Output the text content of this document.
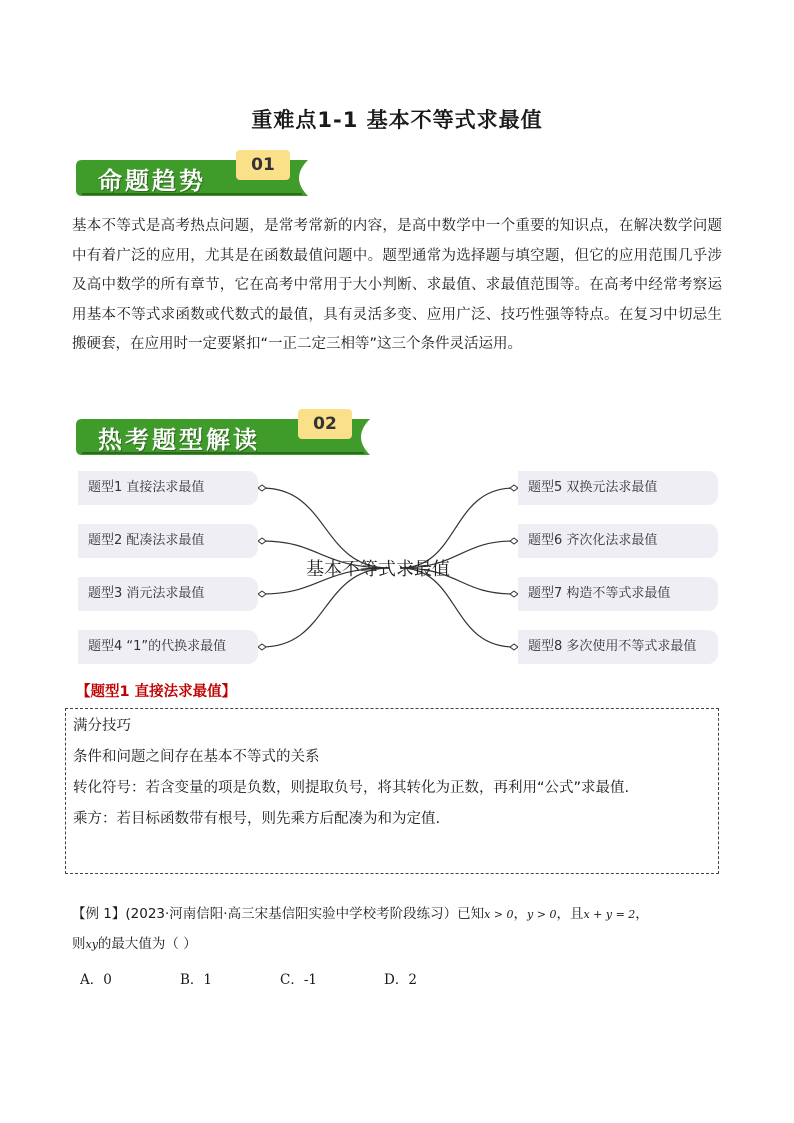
重难点1-1 基本不等式求最值
命题趋势
01
基本不等式是高考热点问题，是常考常新的内容，是高中数学中一个重要的知识点，在解决数学问题中有着广泛的应用，尤其是在函数最值问题中。题型通常为选择题与填空题，但它的应用范围几乎涉及高中数学的所有章节，它在高考中常用于大小判断、求最值、求最值范围等。在高考中经常考察运用基本不等式求函数或代数式的最值，具有灵活多变、应用广泛、技巧性强等特点。在复习中切忌生搬硬套，在应用时一定要紧扣“一正二定三相等”这三个条件灵活运用。
热考题型解读
02
题型1 直接法求最值
题型2 配凑法求最值
题型3 消元法求最值
题型4 “1”的代换求最值
题型5 双换元法求最值
题型6 齐次化法求最值
题型7 构造不等式求最值
题型8 多次使用不等式求最值
基本不等式求最值
【题型1 直接法求最值】
满分技巧
条件和问题之间存在基本不等式的关系
转化符号：若含变量的项是负数，则提取负号，将其转化为正数，再利用“公式”求最值.
乘方：若目标函数带有根号，则先乘方后配凑为和为定值.
【例 1】(2023·河南信阳·高三宋基信阳实验中学校考阶段练习）已知x > 0，y > 0，且x + y = 2，
则xy的最大值为（ ）
A．0	B．1	C．-1	D．2
